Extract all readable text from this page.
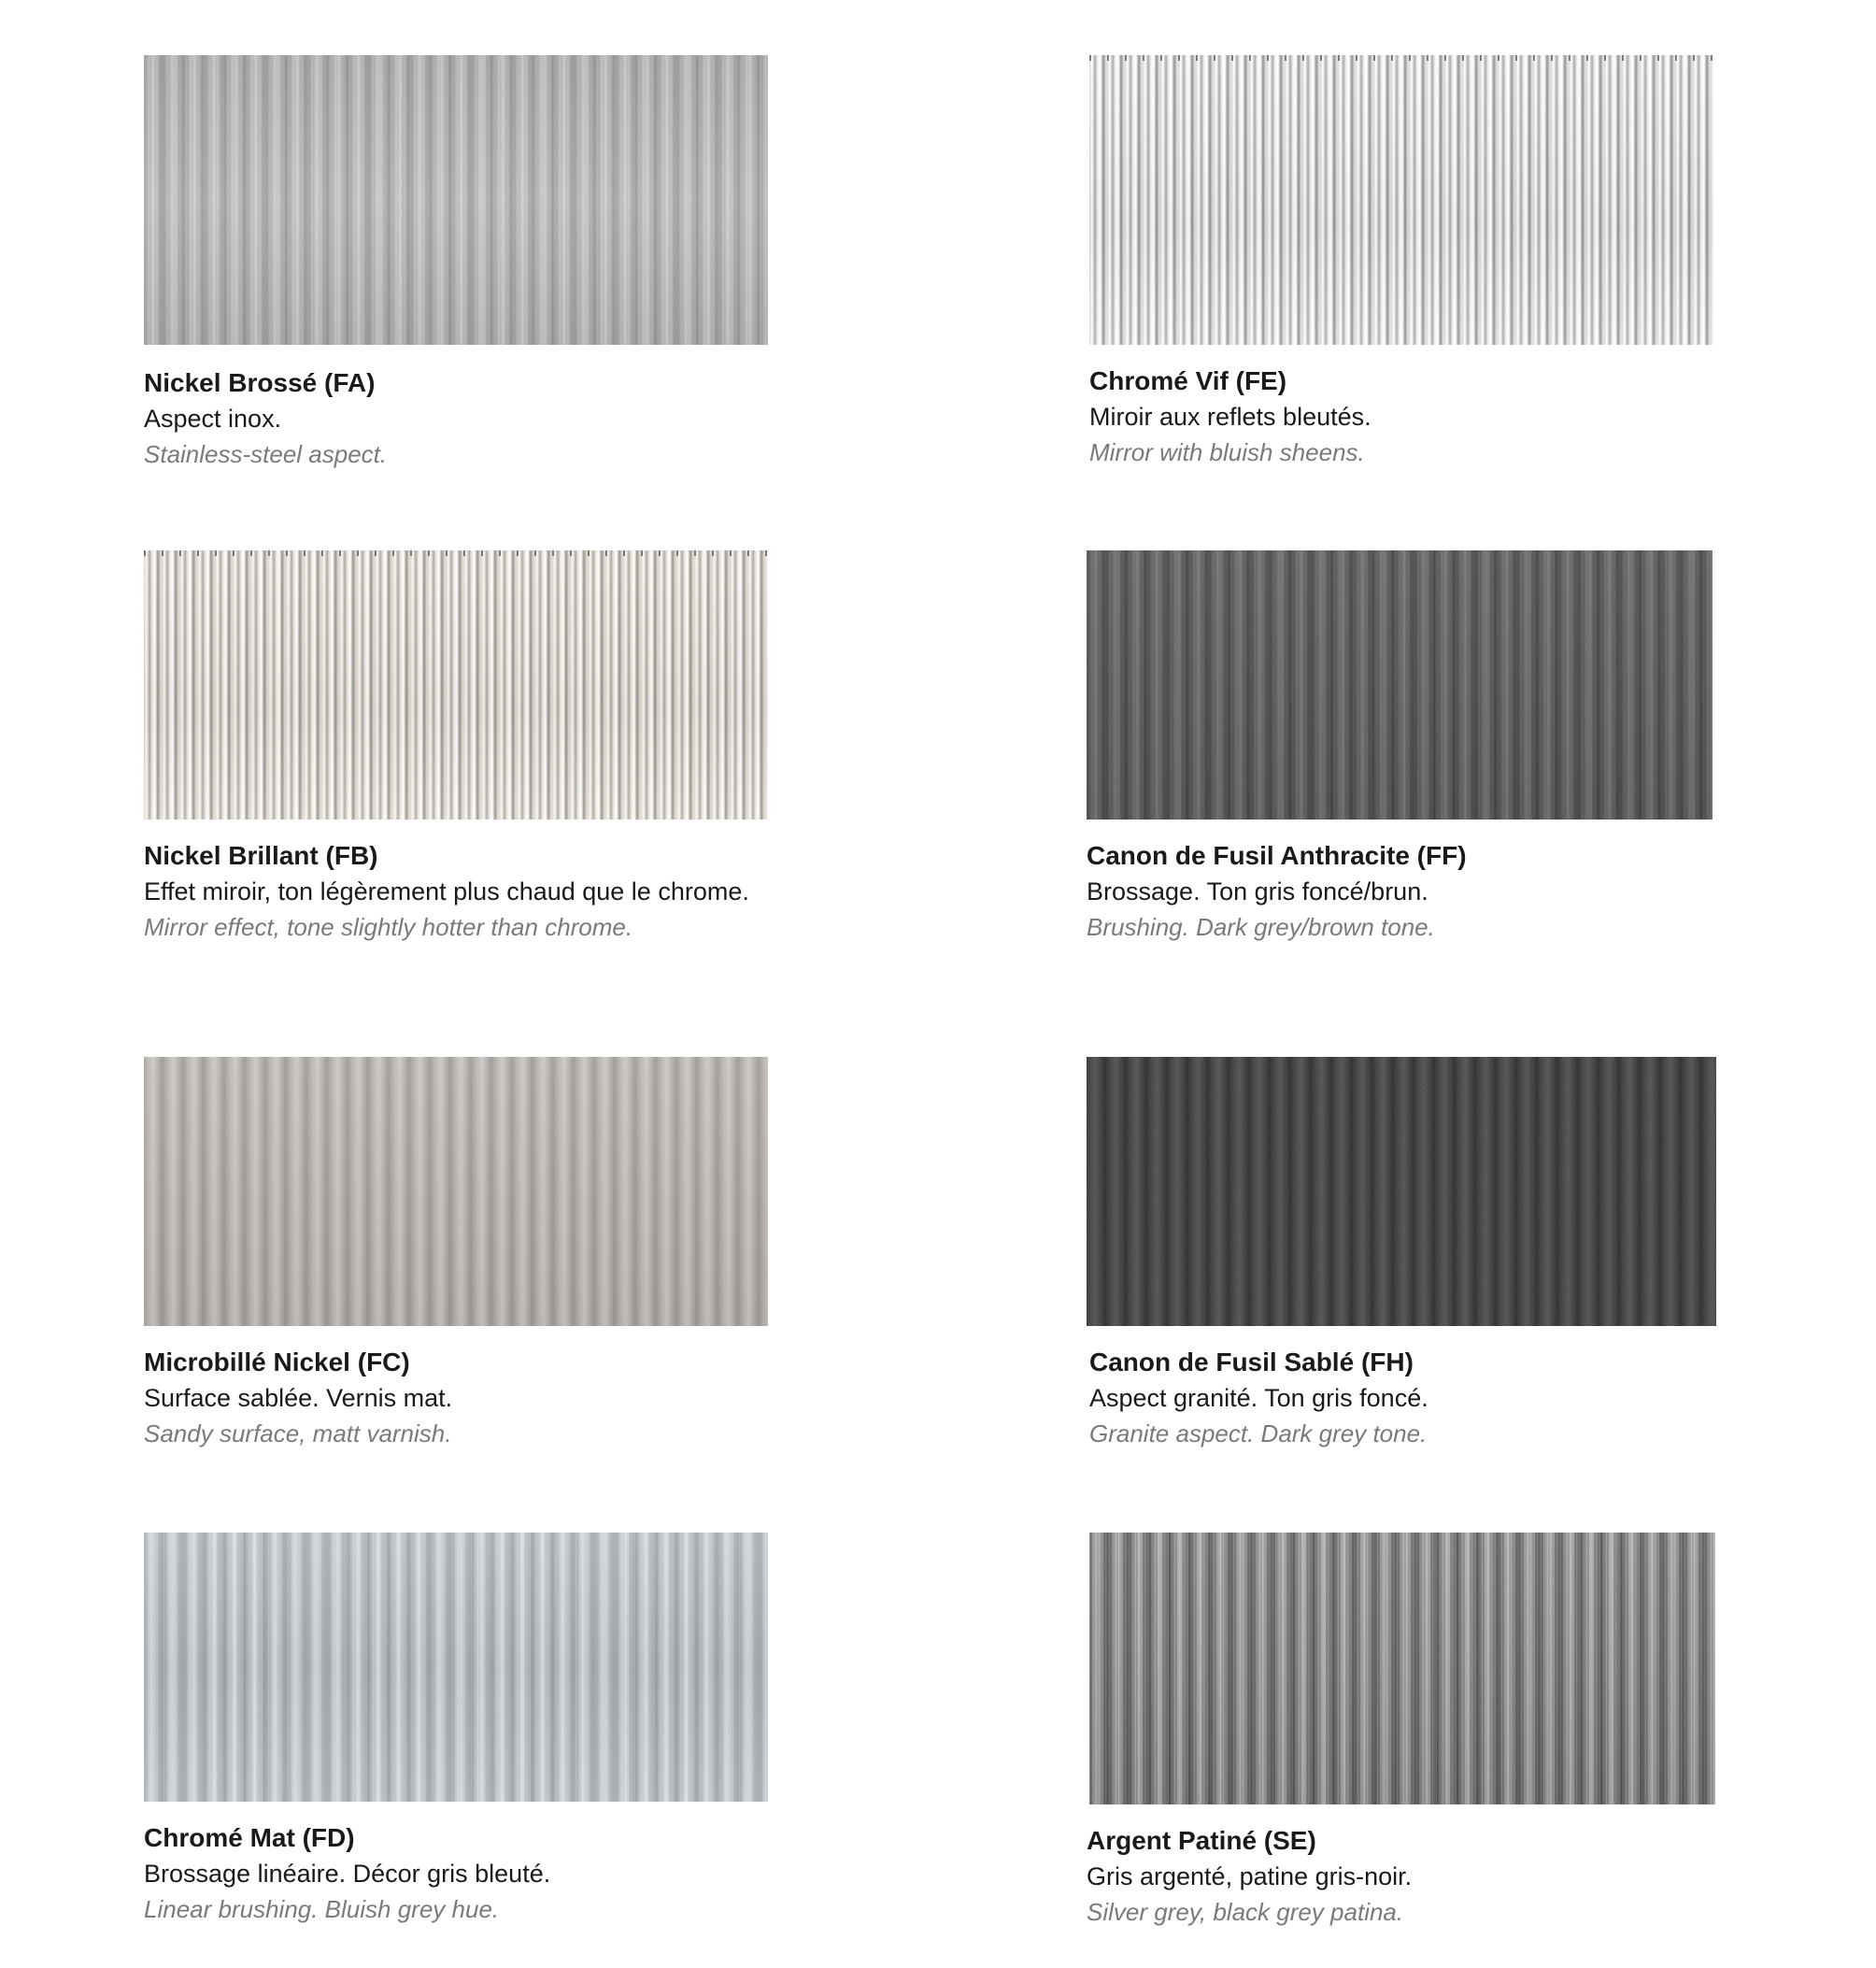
Nickel Brossé (FA)
Aspect inox.
Stainless-steel aspect.
Chromé Vif (FE)
Miroir aux reflets bleutés.
Mirror with bluish sheens.
Nickel Brillant (FB)
Effet miroir, ton légèrement plus chaud que le chrome.
Mirror effect, tone slightly hotter than chrome.
Canon de Fusil Anthracite (FF)
Brossage. Ton gris foncé/brun.
Brushing. Dark grey/brown tone.
Microbillé Nickel (FC)
Surface sablée. Vernis mat.
Sandy surface, matt varnish.
Canon de Fusil Sablé (FH)
Aspect granité. Ton gris foncé.
Granite aspect. Dark grey tone.
Chromé Mat (FD)
Brossage linéaire. Décor gris bleuté.
Linear brushing. Bluish grey hue.
Argent Patiné (SE)
Gris argenté, patine gris-noir.
Silver grey, black grey patina.
